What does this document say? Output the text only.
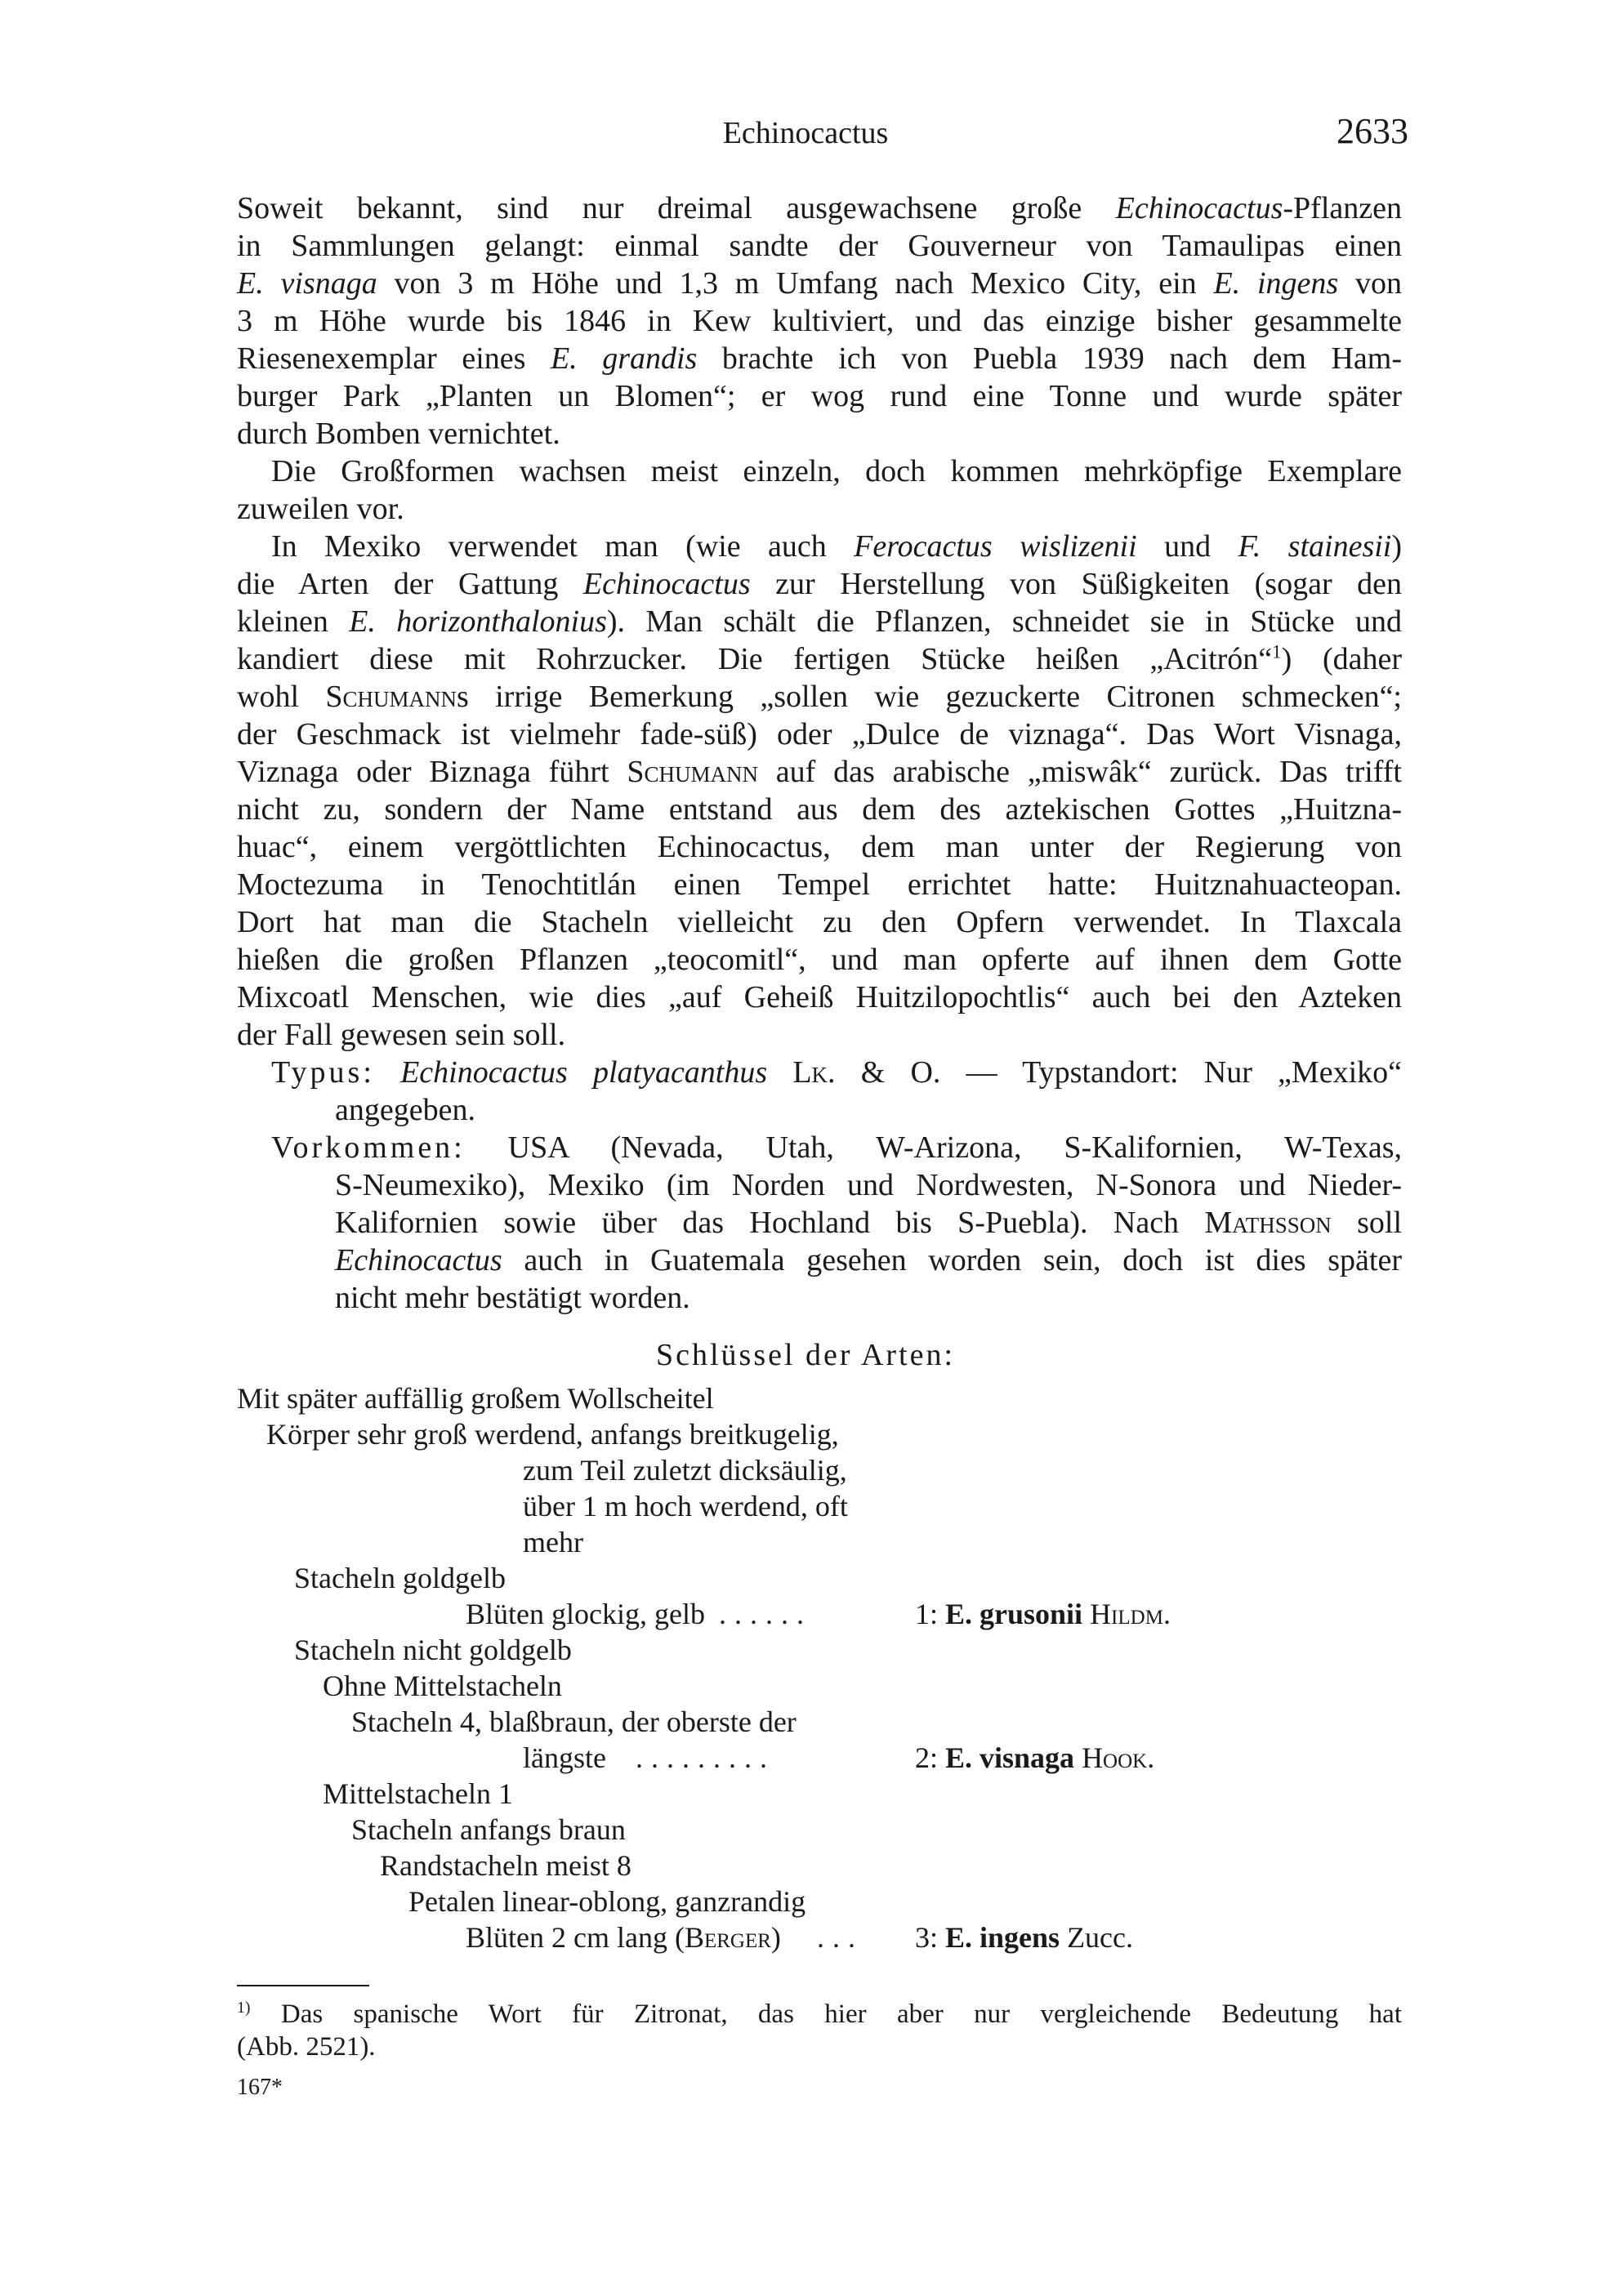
Echinocactus	2633
Soweit bekannt, sind nur dreimal ausgewachsene große Echinocactus-Pflanzen
in Sammlungen gelangt: einmal sandte der Gouverneur von Tamaulipas einen
E. visnaga von 3 m Höhe und 1,3 m Umfang nach Mexico City, ein E. ingens von
3 m Höhe wurde bis 1846 in Kew kultiviert, und das einzige bisher gesammelte
Riesenexemplar eines E. grandis brachte ich von Puebla 1939 nach dem Ham-
burger Park „Planten un Blomen“; er wog rund eine Tonne und wurde später
durch Bomben vernichtet.
Die Großformen wachsen meist einzeln, doch kommen mehrköpfige Exemplare
zuweilen vor.
In Mexiko verwendet man (wie auch Ferocactus wislizenii und F. stainesii)
die Arten der Gattung Echinocactus zur Herstellung von Süßigkeiten (sogar den
kleinen E. horizonthalonius). Man schält die Pflanzen, schneidet sie in Stücke und
kandiert diese mit Rohrzucker. Die fertigen Stücke heißen „Acitrón“$^1$) (daher
wohl Schumanns irrige Bemerkung „sollen wie gezuckerte Citronen schmecken“;
der Geschmack ist vielmehr fade-süß) oder „Dulce de viznaga“. Das Wort Visnaga,
Viznaga oder Biznaga führt Schumann auf das arabische „miswâk“ zurück. Das trifft
nicht zu, sondern der Name entstand aus dem des aztekischen Gottes „Huitzna-
huac“, einem vergöttlichten Echinocactus, dem man unter der Regierung von
Moctezuma in Tenochtitlán einen Tempel errichtet hatte: Huitznahuacteopan.
Dort hat man die Stacheln vielleicht zu den Opfern verwendet. In Tlaxcala
hießen die großen Pflanzen „teocomitl“, und man opferte auf ihnen dem Gotte
Mixcoatl Menschen, wie dies „auf Geheiß Huitzilopochtlis“ auch bei den Azteken
der Fall gewesen sein soll.
Typus: Echinocactus platyacanthus Lk. & O. — Typstandort: Nur „Mexiko“
angegeben.
Vorkommen: USA (Nevada, Utah, W-Arizona, S-Kalifornien, W-Texas,
S-Neumexiko), Mexiko (im Norden und Nordwesten, N-Sonora und Nieder-
Kalifornien sowie über das Hochland bis S-Puebla). Nach Mathsson soll
Echinocactus auch in Guatemala gesehen worden sein, doch ist dies später
nicht mehr bestätigt worden.
Schlüssel der Arten:
Mit später auffällig großem Wollscheitel
Körper sehr groß werdend, anfangs breitkugelig,
zum Teil zuletzt dicksäulig,
über 1 m hoch werdend, oft
mehr
Stacheln goldgelb
Blüten glockig, gelb ......	1: E. grusonii Hildm.
Stacheln nicht goldgelb
Ohne Mittelstacheln
Stacheln 4, blaßbraun, der oberste der
längste .........	2: E. visnaga Hook.
Mittelstacheln 1
Stacheln anfangs braun
Randstacheln meist 8
Petalen linear-oblong, ganzrandig
Blüten 2 cm lang (Berger) ... 3: E. ingens Zucc.
$^{1)}$ Das spanische Wort für Zitronat, das hier aber nur vergleichende Bedeutung hat
(Abb. 2521).
167*
